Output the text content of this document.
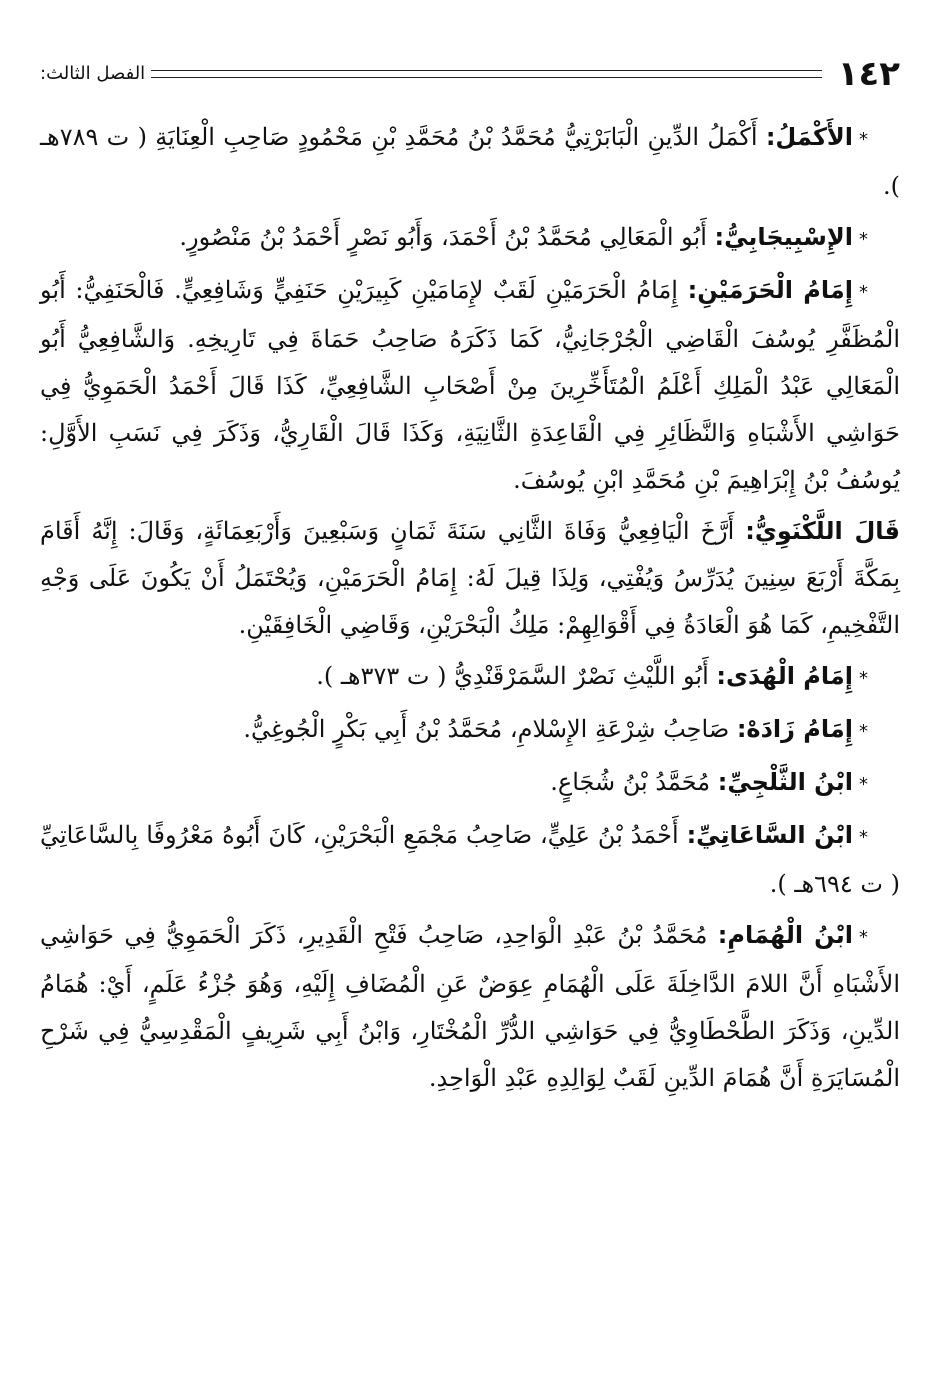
١٤٢
الفصل الثالث:

*الأَكْمَلُ: أَكْمَلُ الدِّينِ الْبَابَرْتِيُّ مُحَمَّدُ بْنُ مُحَمَّدِ بْنِ مَحْمُودٍ صَاحِبِ الْعِنَايَةِ ( ت ٧٨٩هـ ).

*الإِسْبِيجَابِيُّ: أَبُو الْمَعَالِي مُحَمَّدُ بْنُ أَحْمَدَ، وَأَبُو نَصْرٍ أَحْمَدُ بْنُ مَنْصُورٍ.

*إِمَامُ الْحَرَمَيْنِ: إِمَامُ الْحَرَمَيْنِ لَقَبٌ لإِمَامَيْنِ كَبِيرَيْنِ حَنَفِيٍّ وَشَافِعِيٍّ. فَالْحَنَفِيُّ: أَبُو الْمُظَفَّرِ يُوسُفَ الْقَاضِي الْجُرْجَانِيُّ، كَمَا ذَكَرَهُ صَاحِبُ حَمَاةَ فِي تَارِيخِهِ. وَالشَّافِعِيُّ أَبُو الْمَعَالِي عَبْدُ الْمَلِكِ أَعْلَمُ الْمُتَأَخِّرِينَ مِنْ أَصْحَابِ الشَّافِعِيِّ، كَذَا قَالَ أَحْمَدُ الْحَمَوِيُّ فِي حَوَاشِي الأَشْبَاهِ وَالنَّظَائِرِ فِي الْقَاعِدَةِ الثَّانِيَةِ، وَكَذَا قَالَ الْقَارِيُّ، وَذَكَرَ فِي نَسَبِ الأَوَّلِ: يُوسُفُ بْنُ إِبْرَاهِيمَ بْنِ مُحَمَّدِ ابْنِ يُوسُفَ.

قَالَ اللَّكْنَوِيُّ: أَرَّخَ الْيَافِعِيُّ وَفَاةَ الثَّانِي سَنَةَ ثَمَانٍ وَسَبْعِينَ وَأَرْبَعِمَائَةٍ، وَقَالَ: إِنَّهُ أَقَامَ بِمَكَّةَ أَرْبَعَ سِنِينَ يُدَرِّسُ وَيُفْتِي، وَلِذَا قِيلَ لَهُ: إِمَامُ الْحَرَمَيْنِ، وَيُحْتَمَلُ أَنْ يَكُونَ عَلَى وَجْهِ التَّفْخِيمِ، كَمَا هُوَ الْعَادَةُ فِي أَقْوَالِهِمْ: مَلِكُ الْبَحْرَيْنِ، وَقَاضِي الْخَافِقَيْنِ.

*إِمَامُ الْهُدَى: أَبُو اللَّيْثِ نَصْرٌ السَّمَرْقَنْدِيُّ ( ت ٣٧٣هـ ).

*إِمَامُ زَادَهْ: صَاحِبُ شِرْعَةِ الإِسْلامِ، مُحَمَّدُ بْنُ أَبِي بَكْرٍ الْجُوغِيُّ.

*ابْنُ الثَّلْجِيِّ: مُحَمَّدُ بْنُ شُجَاعٍ.

*ابْنُ السَّاعَاتِيِّ: أَحْمَدُ بْنُ عَلِيٍّ، صَاحِبُ مَجْمَعِ الْبَحْرَيْنِ، كَانَ أَبُوهُ مَعْرُوفًا بِالسَّاعَاتِيِّ ( ت ٦٩٤هـ ).

*ابْنُ الْهُمَامِ: مُحَمَّدُ بْنُ عَبْدِ الْوَاحِدِ، صَاحِبُ فَتْحِ الْقَدِيرِ، ذَكَرَ الْحَمَوِيُّ فِي حَوَاشِي الأَشْبَاهِ أَنَّ اللامَ الدَّاخِلَةَ عَلَى الْهُمَامِ عِوَضٌ عَنِ الْمُضَافِ إِلَيْهِ، وَهُوَ جُزْءُ عَلَمٍ، أَيْ: هُمَامُ الدِّينِ، وَذَكَرَ الطَّحْطَاوِيُّ فِي حَوَاشِي الدُّرِّ الْمُخْتَارِ، وَابْنُ أَبِي شَرِيفٍ الْمَقْدِسِيُّ فِي شَرْحِ الْمُسَايَرَةِ أَنَّ هُمَامَ الدِّينِ لَقَبٌ لِوَالِدِهِ عَبْدِ الْوَاحِدِ.
